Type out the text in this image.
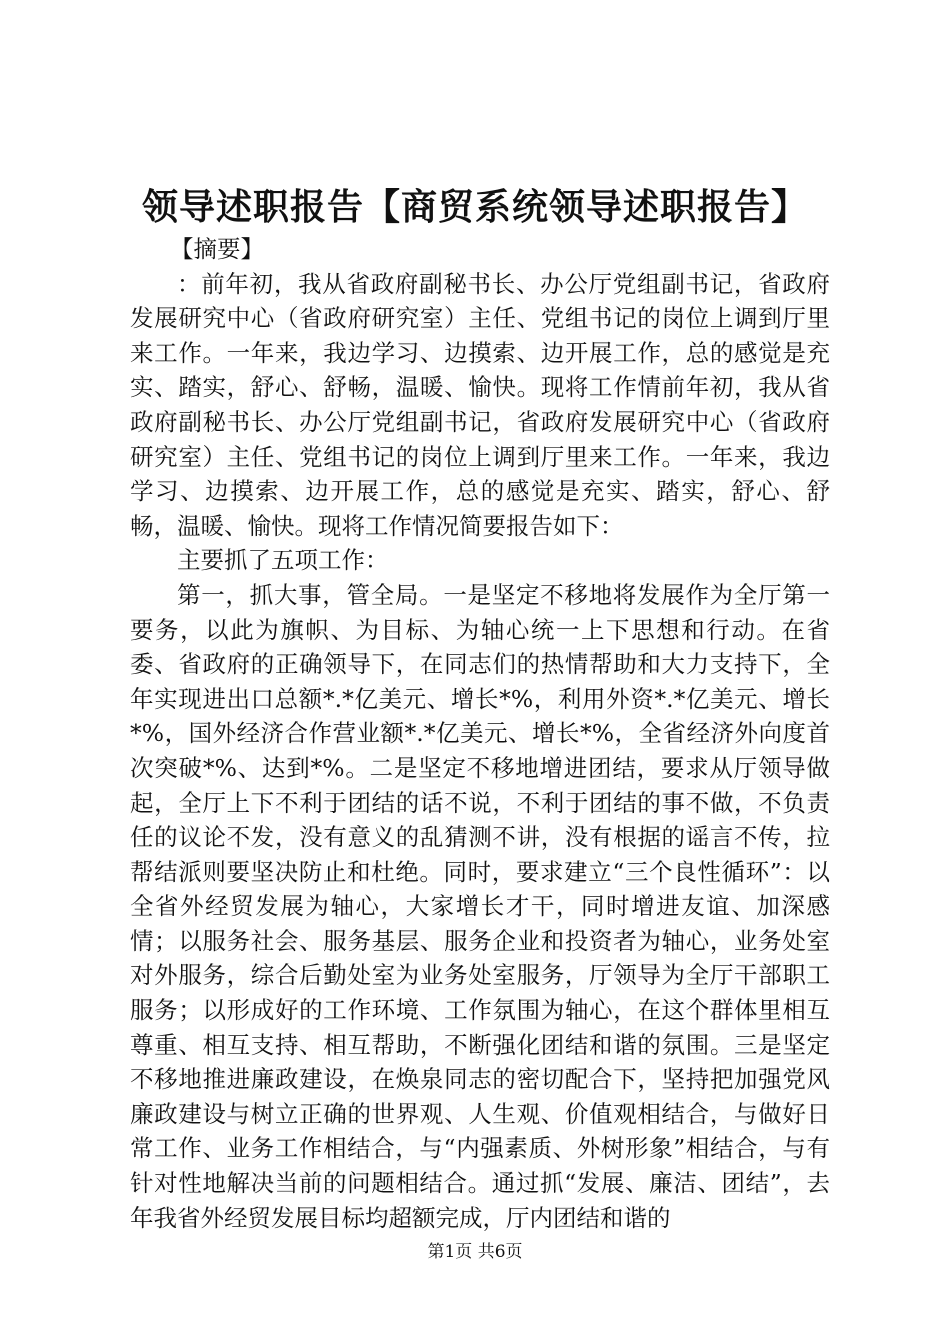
领导述职报告【商贸系统领导述职报告】

【摘要】

：前年初，我从省政府副秘书长、办公厅党组副书记，省政府发展研究中心（省政府研究室）主任、党组书记的岗位上调到厅里来工作。一年来，我边学习、边摸索、边开展工作，总的感觉是充实、踏实，舒心、舒畅，温暖、愉快。现将工作情前年初，我从省政府副秘书长、办公厅党组副书记，省政府发展研究中心（省政府研究室）主任、党组书记的岗位上调到厅里来工作。一年来，我边学习、边摸索、边开展工作，总的感觉是充实、踏实，舒心、舒畅，温暖、愉快。现将工作情况简要报告如下：

主要抓了五项工作：

第一，抓大事，管全局。一是坚定不移地将发展作为全厅第一要务，以此为旗帜、为目标、为轴心统一上下思想和行动。在省委、省政府的正确领导下，在同志们的热情帮助和大力支持下，全年实现进出口总额*.*亿美元、增长*%，利用外资*.*亿美元、增长*%，国外经济合作营业额*.*亿美元、增长*%，全省经济外向度首次突破*%、达到*%。二是坚定不移地增进团结，要求从厅领导做起，全厅上下不利于团结的话不说，不利于团结的事不做，不负责任的议论不发，没有意义的乱猜测不讲，没有根据的谣言不传，拉帮结派则要坚决防止和杜绝。同时，要求建立“三个良性循环”：以全省外经贸发展为轴心，大家增长才干，同时增进友谊、加深感情；以服务社会、服务基层、服务企业和投资者为轴心，业务处室对外服务，综合后勤处室为业务处室服务，厅领导为全厅干部职工服务；以形成好的工作环境、工作氛围为轴心，在这个群体里相互尊重、相互支持、相互帮助，不断强化团结和谐的氛围。三是坚定不移地推进廉政建设，在焕泉同志的密切配合下，坚持把加强党风廉政建设与树立正确的世界观、人生观、价值观相结合，与做好日常工作、业务工作相结合，与“内强素质、外树形象”相结合，与有针对性地解决当前的问题相结合。通过抓“发展、廉洁、团结”，去年我省外经贸发展目标均超额完成，厅内团结和谐的

第1页 共6页
